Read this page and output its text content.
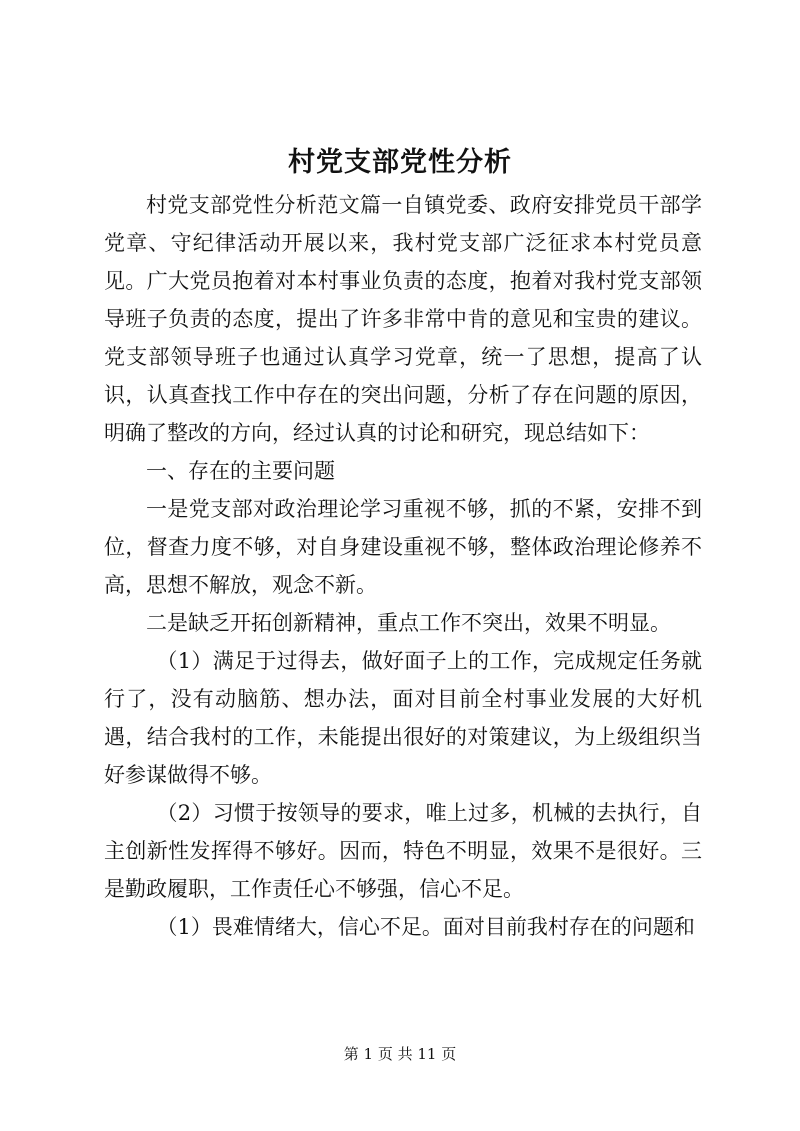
村党支部党性分析

村党支部党性分析范文篇一自镇党委、政府安排党员干部学党章、守纪律活动开展以来，我村党支部广泛征求本村党员意见。广大党员抱着对本村事业负责的态度，抱着对我村党支部领导班子负责的态度，提出了许多非常中肯的意见和宝贵的建议。党支部领导班子也通过认真学习党章，统一了思想，提高了认识，认真查找工作中存在的突出问题，分析了存在问题的原因，明确了整改的方向，经过认真的讨论和研究，现总结如下：

一、存在的主要问题

一是党支部对政治理论学习重视不够，抓的不紧，安排不到位，督查力度不够，对自身建设重视不够，整体政治理论修养不高，思想不解放，观念不新。

二是缺乏开拓创新精神，重点工作不突出，效果不明显。

（1）满足于过得去，做好面子上的工作，完成规定任务就行了，没有动脑筋、想办法，面对目前全村事业发展的大好机遇，结合我村的工作，未能提出很好的对策建议，为上级组织当好参谋做得不够。

（2）习惯于按领导的要求，唯上过多，机械的去执行，自主创新性发挥得不够好。因而，特色不明显，效果不是很好。三是勤政履职，工作责任心不够强，信心不足。

（1）畏难情绪大，信心不足。面对目前我村存在的问题和

第 1 页 共 11 页
